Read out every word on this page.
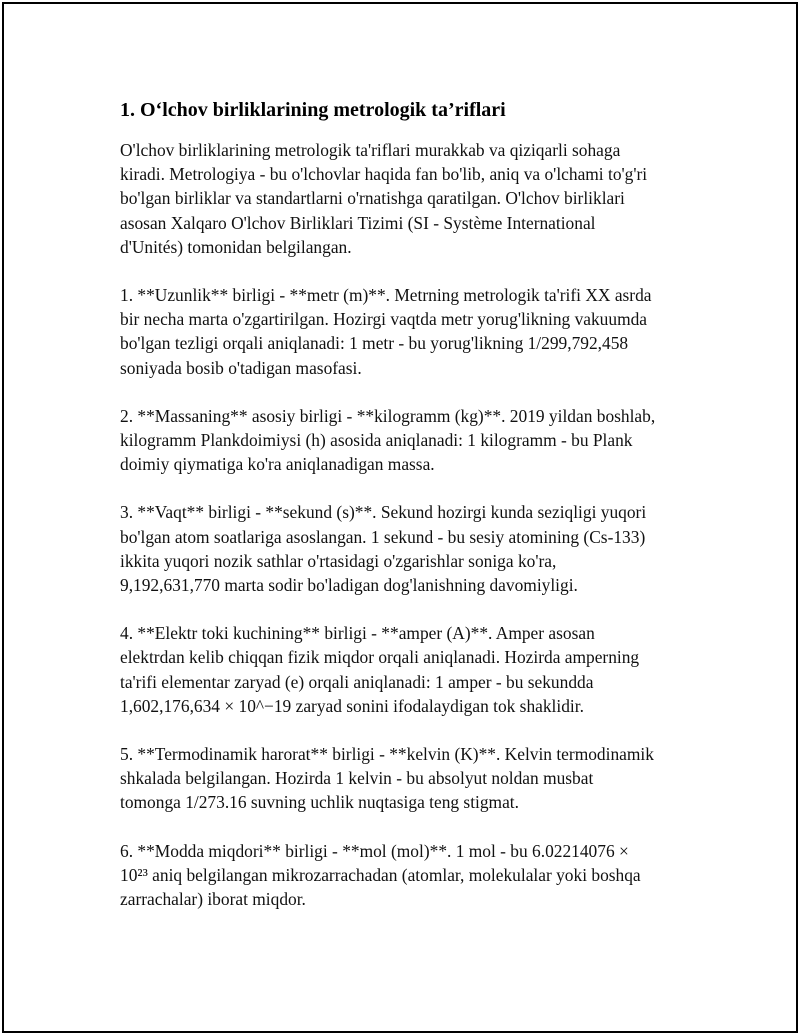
1. O‘lchov birliklarining metrologik ta’riflari

O'lchov birliklarining metrologik ta'riflari murakkab va qiziqarli sohaga
kiradi. Metrologiya - bu o'lchovlar haqida fan bo'lib, aniq va o'lchami to'g'ri
bo'lgan birliklar va standartlarni o'rnatishga qaratilgan. O'lchov birliklari
asosan Xalqaro O'lchov Birliklari Tizimi (SI - Système International
d'Unités) tomonidan belgilangan.

1. **Uzunlik** birligi - **metr (m)**. Metrning metrologik ta'rifi XX asrda
bir necha marta o'zgartirilgan. Hozirgi vaqtda metr yorug'likning vakuumda
bo'lgan tezligi orqali aniqlanadi: 1 metr - bu yorug'likning 1/299,792,458
soniyada bosib o'tadigan masofasi.

2. **Massaning** asosiy birligi - **kilogramm (kg)**. 2019 yildan boshlab,
kilogramm Plankdoimiysi (h) asosida aniqlanadi: 1 kilogramm - bu Plank
doimiy qiymatiga ko'ra aniqlanadigan massa.

3. **Vaqt** birligi - **sekund (s)**. Sekund hozirgi kunda seziqligi yuqori
bo'lgan atom soatlariga asoslangan. 1 sekund - bu sesiy atomining (Cs-133)
ikkita yuqori nozik sathlar o'rtasidagi o'zgarishlar soniga ko'ra,
9,192,631,770 marta sodir bo'ladigan dog'lanishning davomiyligi.

4. **Elektr toki kuchining** birligi - **amper (A)**. Amper asosan
elektrdan kelib chiqqan fizik miqdor orqali aniqlanadi. Hozirda amperning
ta'rifi elementar zaryad (e) orqali aniqlanadi: 1 amper - bu sekundda
1,602,176,634 × 10^−19 zaryad sonini ifodalaydigan tok shaklidir.

5. **Termodinamik harorat** birligi - **kelvin (K)**. Kelvin termodinamik
shkalada belgilangan. Hozirda 1 kelvin - bu absolyut noldan musbat
tomonga 1/273.16 suvning uchlik nuqtasiga teng stigmat.

6. **Modda miqdori** birligi - **mol (mol)**. 1 mol - bu 6.02214076 ×
10²³ aniq belgilangan mikrozarrachadan (atomlar, molekulalar yoki boshqa
zarrachalar) iborat miqdor.
